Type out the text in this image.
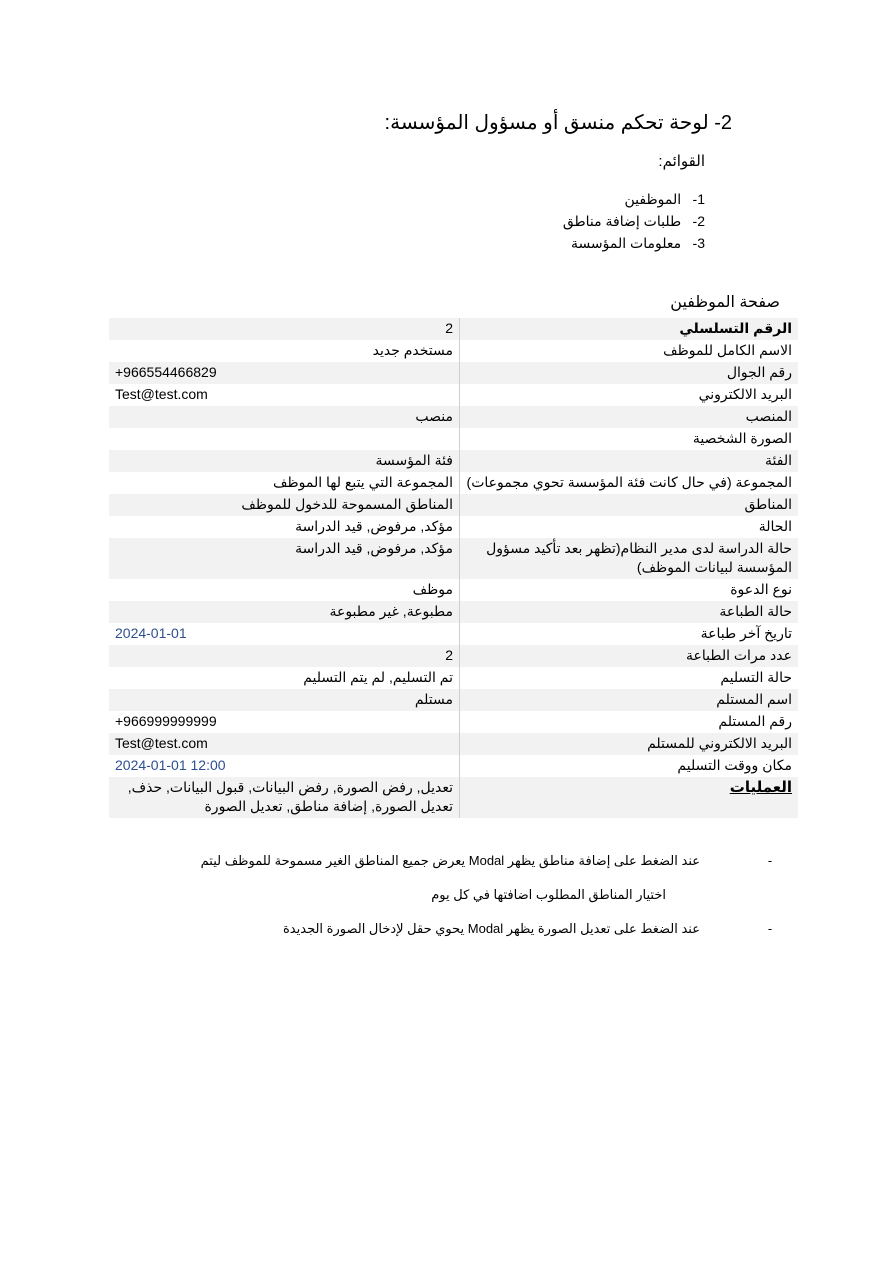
2- لوحة تحكم منسق أو مسؤول المؤسسة:
القوائم:
1- الموظفين
2- طلبات إضافة مناطق
3- معلومات المؤسسة
صفحة الموظفين
الرقم التسلسلي	2
الاسم الكامل للموظف	مستخدم جديد
رقم الجوال	+966554466829
البريد الالكتروني	Test@test.com
المنصب	منصب
الصورة الشخصية	
الفئة	فئة المؤسسة
المجموعة (في حال كانت فئة المؤسسة تحوي مجموعات)	المجموعة التي يتبع لها الموظف
المناطق	المناطق المسموحة للدخول للموظف
الحالة	مؤكد, مرفوض, قيد الدراسة
حالة الدراسة لدى مدير النظام(تظهر بعد تأكيد مسؤول المؤسسة لبيانات الموظف)	مؤكد, مرفوض, قيد الدراسة
نوع الدعوة	موظف
حالة الطباعة	مطبوعة, غير مطبوعة
تاريخ آخر طباعة	2024-01-01
عدد مرات الطباعة	2
حالة التسليم	تم التسليم, لم يتم التسليم
اسم المستلم	مستلم
رقم المستلم	+966999999999
البريد الالكتروني للمستلم	Test@test.com
مكان ووقت التسليم	2024-01-01 12:00
العمليات	تعديل, رفض الصورة, رفض البيانات, قبول البيانات, حذف, تعديل الصورة, إضافة مناطق, تعديل الصورة
-
عند الضغط على إضافة مناطق يظهر Modal يعرض جميع المناطق الغير مسموحة للموظف ليتم
اختيار المناطق المطلوب اضافتها في كل يوم
-
عند الضغط على تعديل الصورة يظهر Modal يحوي حقل لإدخال الصورة الجديدة
